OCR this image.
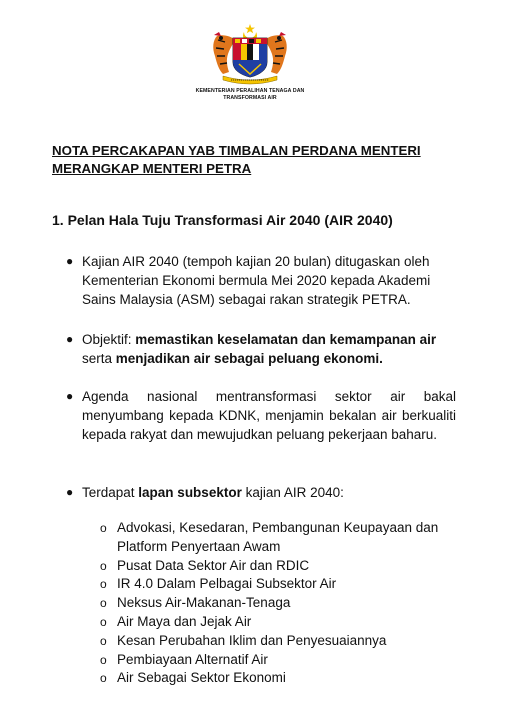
KEMENTERIAN PERALIHAN TENAGA DAN
TRANSFORMASI AIR
NOTA PERCAKAPAN YAB TIMBALAN PERDANA MENTERI
MERANGKAP MENTERI PETRA
1. Pelan Hala Tuju Transformasi Air 2040 (AIR 2040)
● Kajian AIR 2040 (tempoh kajian 20 bulan) ditugaskan oleh Kementerian Ekonomi bermula Mei 2020 kepada Akademi Sains Malaysia (ASM) sebagai rakan strategik PETRA.
● Objektif: memastikan keselamatan dan kemampanan air serta menjadikan air sebagai peluang ekonomi.
● Agenda nasional mentransformasi sektor air bakal menyumbang kepada KDNK, menjamin bekalan air berkualiti kepada rakyat dan mewujudkan peluang pekerjaan baharu.
● Terdapat lapan subsektor kajian AIR 2040:
o Advokasi, Kesedaran, Pembangunan Keupayaan dan Platform Penyertaan Awam
o Pusat Data Sektor Air dan RDIC
o IR 4.0 Dalam Pelbagai Subsektor Air
o Neksus Air-Makanan-Tenaga
o Air Maya dan Jejak Air
o Kesan Perubahan Iklim dan Penyesuaiannya
o Pembiayaan Alternatif Air
o Air Sebagai Sektor Ekonomi
